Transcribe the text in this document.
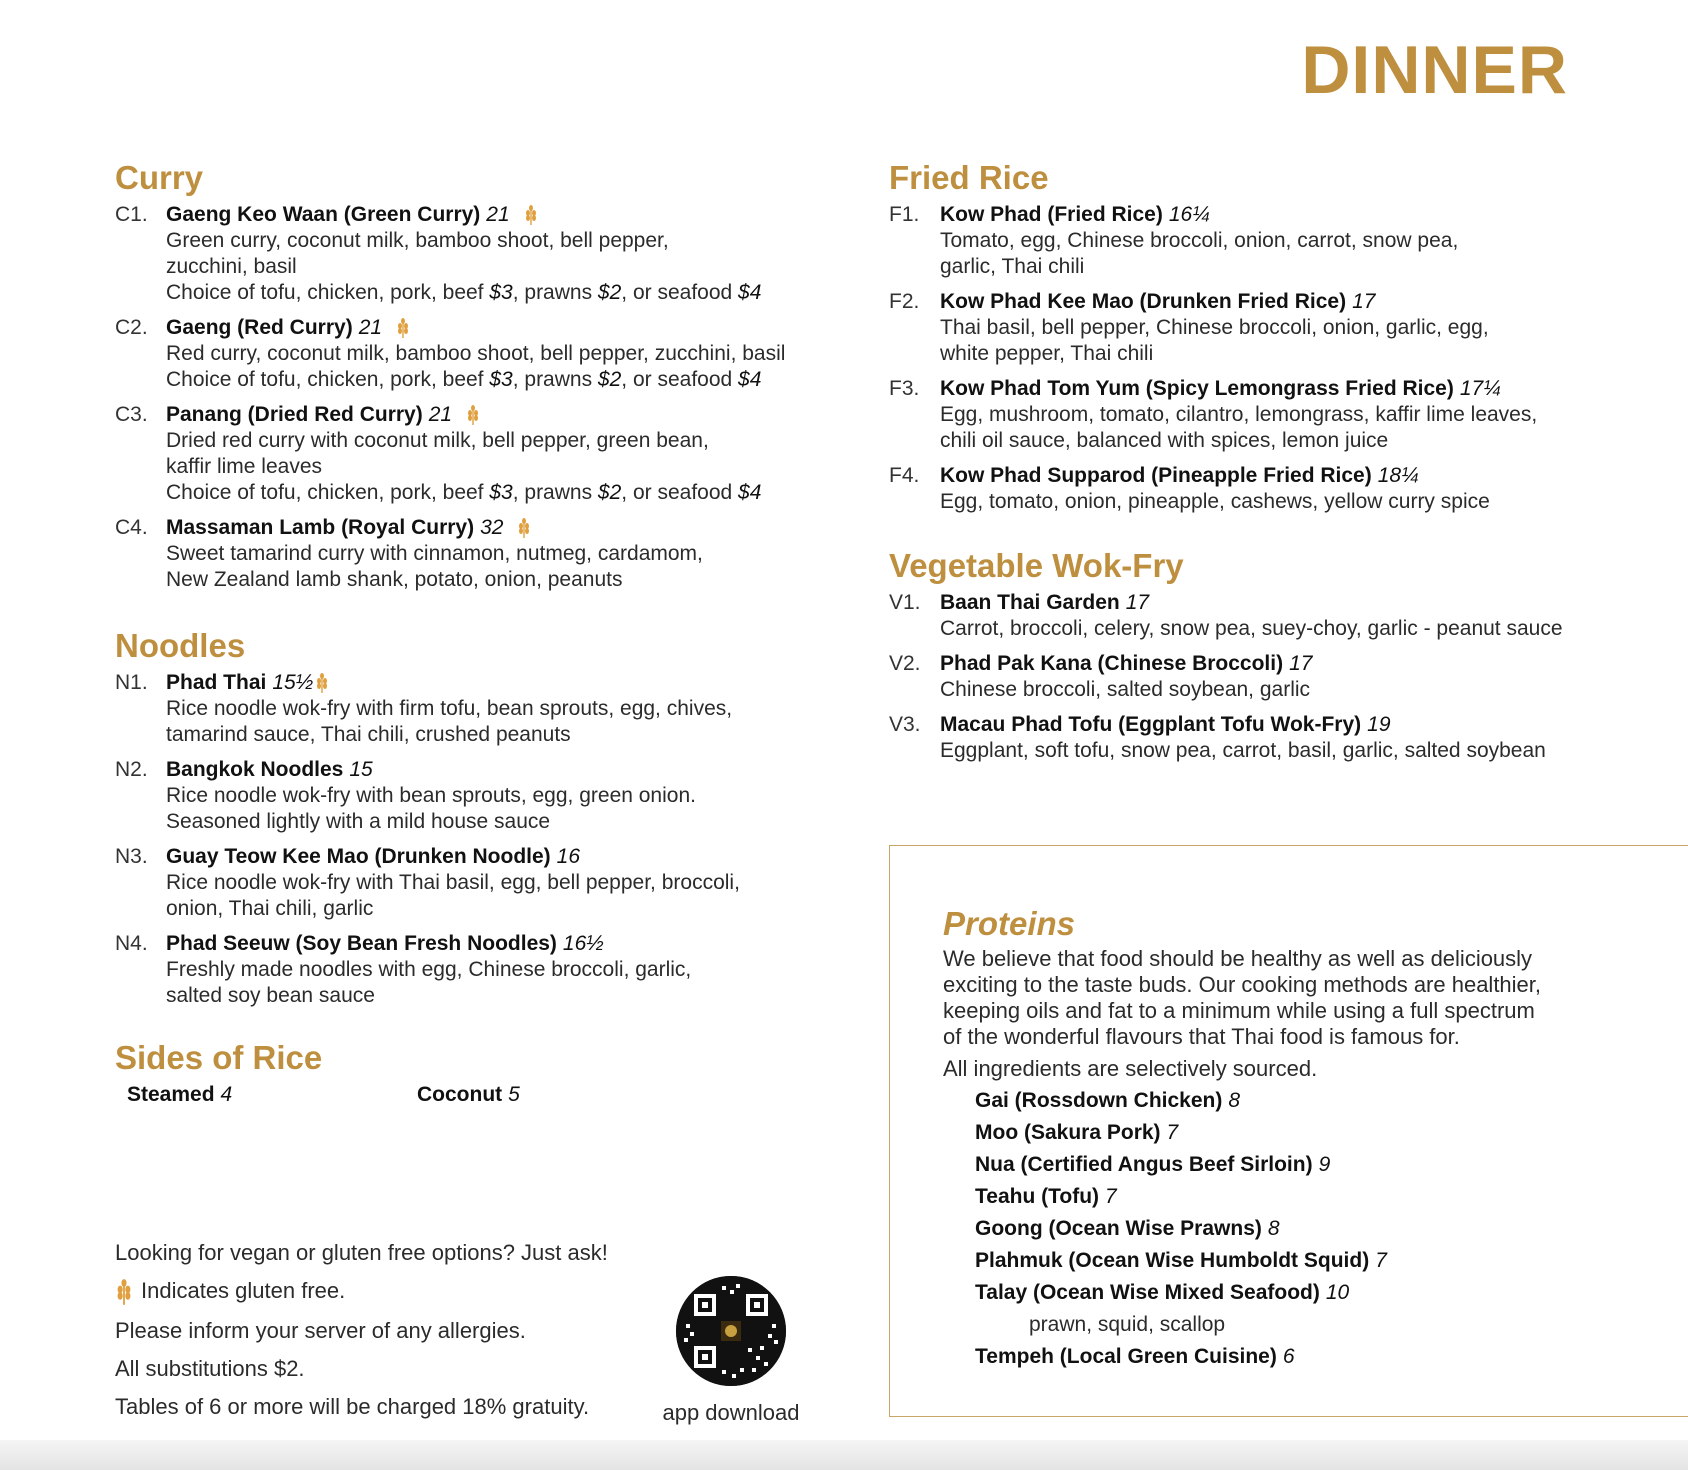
DINNER
Curry
C1. Gaeng Keo Waan (Green Curry) 21
Green curry, coconut milk, bamboo shoot, bell pepper,
zucchini, basil
Choice of tofu, chicken, pork, beef $3, prawns $2, or seafood $4
C2. Gaeng (Red Curry) 21
Red curry, coconut milk, bamboo shoot, bell pepper, zucchini, basil
Choice of tofu, chicken, pork, beef $3, prawns $2, or seafood $4
C3. Panang (Dried Red Curry) 21
Dried red curry with coconut milk, bell pepper, green bean,
kaffir lime leaves
Choice of tofu, chicken, pork, beef $3, prawns $2, or seafood $4
C4. Massaman Lamb (Royal Curry) 32
Sweet tamarind curry with cinnamon, nutmeg, cardamom,
New Zealand lamb shank, potato, onion, peanuts
Noodles
N1. Phad Thai 15½
Rice noodle wok-fry with firm tofu, bean sprouts, egg, chives,
tamarind sauce, Thai chili, crushed peanuts
N2. Bangkok Noodles 15
Rice noodle wok-fry with bean sprouts, egg, green onion.
Seasoned lightly with a mild house sauce
N3. Guay Teow Kee Mao (Drunken Noodle) 16
Rice noodle wok-fry with Thai basil, egg, bell pepper, broccoli,
onion, Thai chili, garlic
N4. Phad Seeuw (Soy Bean Fresh Noodles) 16½
Freshly made noodles with egg, Chinese broccoli, garlic,
salted soy bean sauce
Sides of Rice
Steamed 4	Coconut 5
Looking for vegan or gluten free options? Just ask!
Indicates gluten free.
Please inform your server of any allergies.
All substitutions $2.
Tables of 6 or more will be charged 18% gratuity.	app download
Fried Rice
F1. Kow Phad (Fried Rice) 16¼
Tomato, egg, Chinese broccoli, onion, carrot, snow pea,
garlic, Thai chili
F2. Kow Phad Kee Mao (Drunken Fried Rice) 17
Thai basil, bell pepper, Chinese broccoli, onion, garlic, egg,
white pepper, Thai chili
F3. Kow Phad Tom Yum (Spicy Lemongrass Fried Rice) 17¼
Egg, mushroom, tomato, cilantro, lemongrass, kaffir lime leaves,
chili oil sauce, balanced with spices, lemon juice
F4. Kow Phad Supparod (Pineapple Fried Rice) 18¼
Egg, tomato, onion, pineapple, cashews, yellow curry spice
Vegetable Wok-Fry
V1. Baan Thai Garden 17
Carrot, broccoli, celery, snow pea, suey-choy, garlic - peanut sauce
V2. Phad Pak Kana (Chinese Broccoli) 17
Chinese broccoli, salted soybean, garlic
V3. Macau Phad Tofu (Eggplant Tofu Wok-Fry) 19
Eggplant, soft tofu, snow pea, carrot, basil, garlic, salted soybean
Proteins
We believe that food should be healthy as well as deliciously
exciting to the taste buds. Our cooking methods are healthier,
keeping oils and fat to a minimum while using a full spectrum
of the wonderful flavours that Thai food is famous for.
All ingredients are selectively sourced.
Gai (Rossdown Chicken) 8
Moo (Sakura Pork) 7
Nua (Certified Angus Beef Sirloin) 9
Teahu (Tofu) 7
Goong (Ocean Wise Prawns) 8
Plahmuk (Ocean Wise Humboldt Squid) 7
Talay (Ocean Wise Mixed Seafood) 10
prawn, squid, scallop
Tempeh (Local Green Cuisine) 6
